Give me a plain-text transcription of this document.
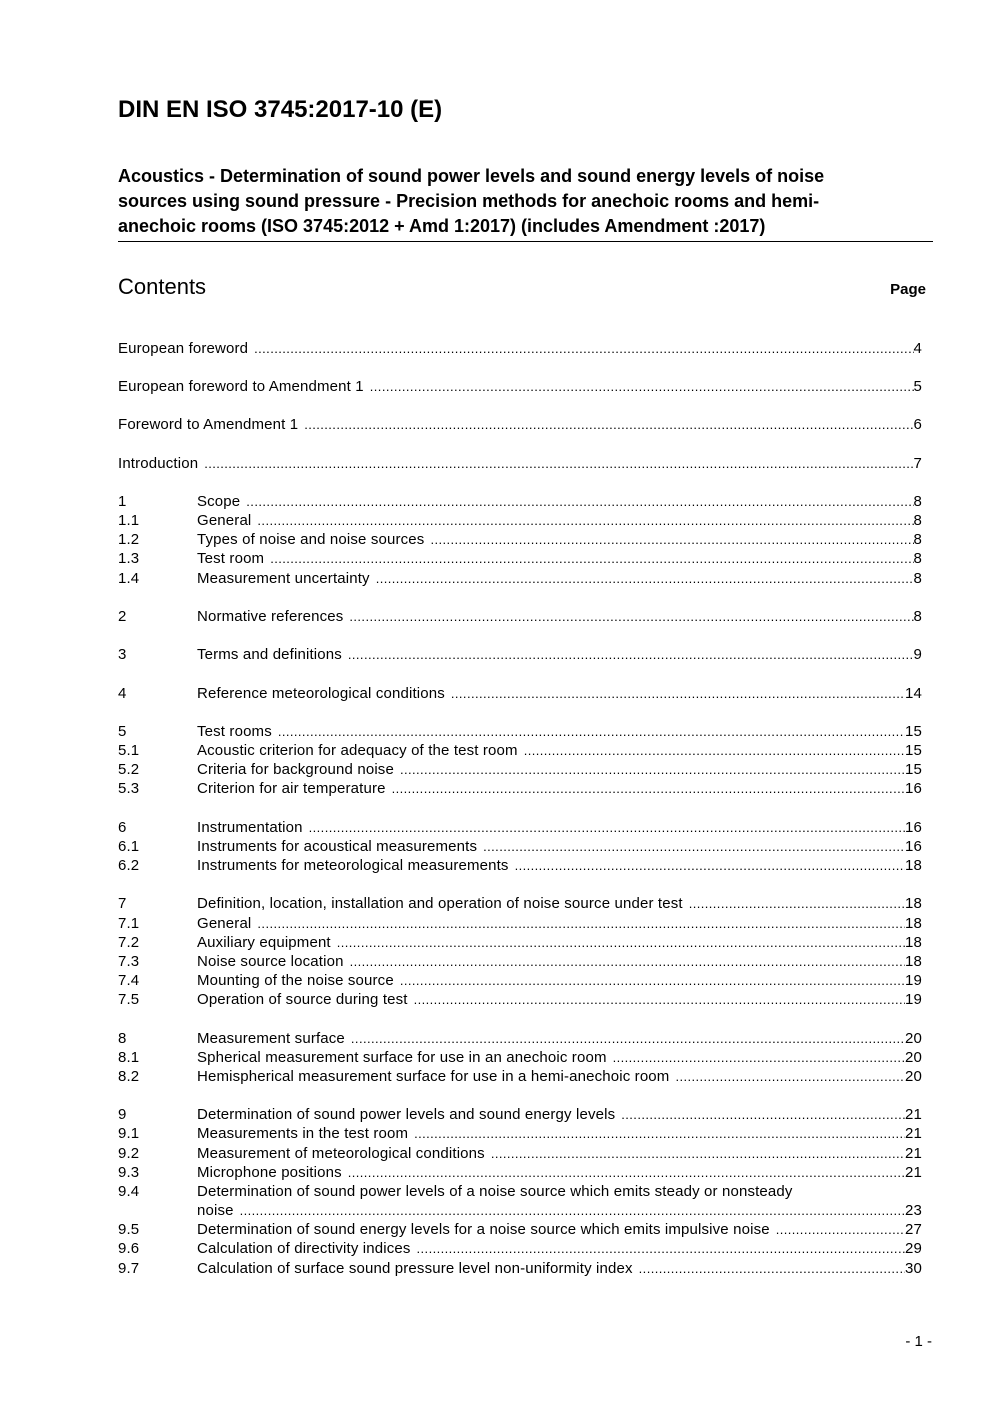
DIN EN ISO 3745:2017-10 (E)
Acoustics - Determination of sound power levels and sound energy levels of noise
sources using sound pressure - Precision methods for anechoic rooms and hemi-
anechoic rooms (ISO 3745:2012 + Amd 1:2017) (includes Amendment :2017)
Contents	Page
European foreword .....	4
European foreword to Amendment 1 .....	5
Foreword to Amendment 1 .....	6
Introduction .....	7
1	Scope .....	8
1.1	General .....	8
1.2	Types of noise and noise sources .....	8
1.3	Test room .....	8
1.4	Measurement uncertainty .....	8
2	Normative references .....	8
3	Terms and definitions .....	9
4	Reference meteorological conditions .....	14
5	Test rooms .....	15
5.1	Acoustic criterion for adequacy of the test room .....	15
5.2	Criteria for background noise .....	15
5.3	Criterion for air temperature .....	16
6	Instrumentation .....	16
6.1	Instruments for acoustical measurements .....	16
6.2	Instruments for meteorological measurements .....	18
7	Definition, location, installation and operation of noise source under test .....	18
7.1	General .....	18
7.2	Auxiliary equipment .....	18
7.3	Noise source location .....	18
7.4	Mounting of the noise source .....	19
7.5	Operation of source during test .....	19
8	Measurement surface .....	20
8.1	Spherical measurement surface for use in an anechoic room .....	20
8.2	Hemispherical measurement surface for use in a hemi-anechoic room .....	20
9	Determination of sound power levels and sound energy levels .....	21
9.1	Measurements in the test room .....	21
9.2	Measurement of meteorological conditions .....	21
9.3	Microphone positions .....	21
9.4	Determination of sound power levels of a noise source which emits steady or nonsteady
noise .....	23
9.5	Determination of sound energy levels for a noise source which emits impulsive noise .....	27
9.6	Calculation of directivity indices .....	29
9.7	Calculation of surface sound pressure level non-uniformity index .....	30
- 1 -
